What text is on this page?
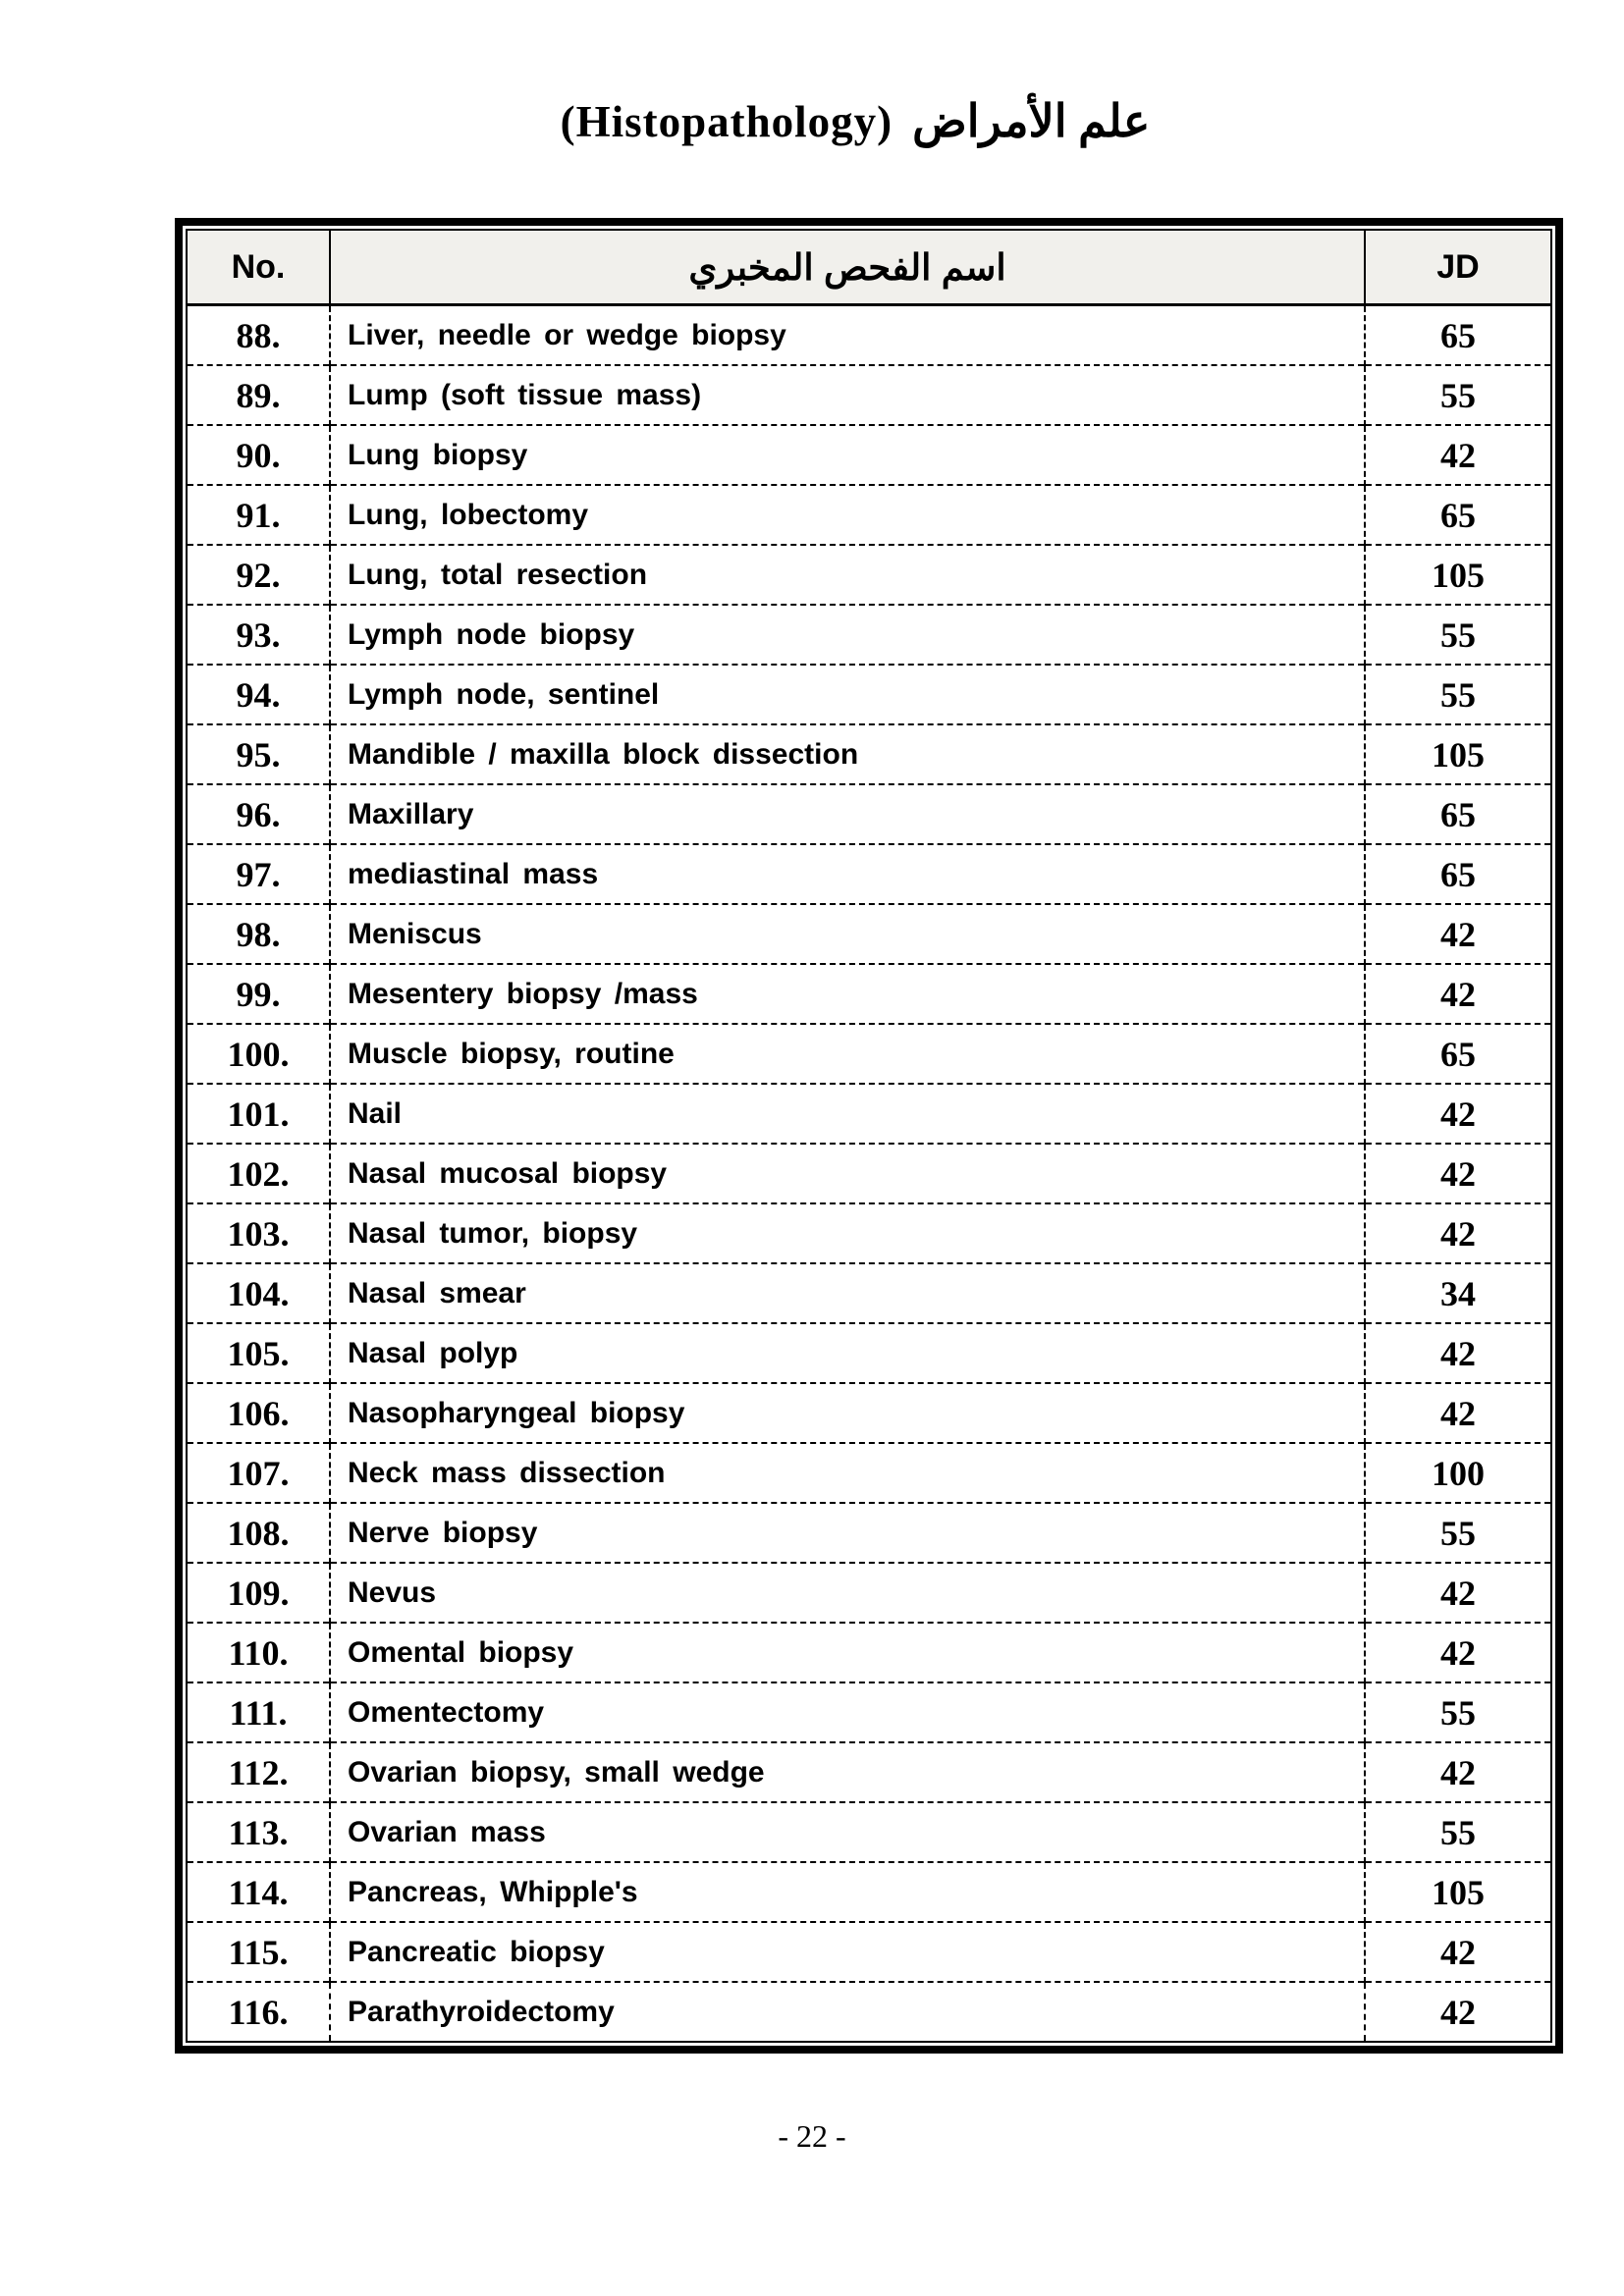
(Histopathology) علم الأمراض
No.	اسم الفحص المخبري	JD
88.	Liver, needle or wedge biopsy	65
89.	Lump (soft tissue mass)	55
90.	Lung biopsy	42
91.	Lung, lobectomy	65
92.	Lung, total resection	105
93.	Lymph node biopsy	55
94.	Lymph node, sentinel	55
95.	Mandible / maxilla block dissection	105
96.	Maxillary	65
97.	mediastinal mass	65
98.	Meniscus	42
99.	Mesentery biopsy /mass	42
100.	Muscle biopsy, routine	65
101.	Nail	42
102.	Nasal mucosal biopsy	42
103.	Nasal tumor, biopsy	42
104.	Nasal smear	34
105.	Nasal polyp	42
106.	Nasopharyngeal biopsy	42
107.	Neck mass dissection	100
108.	Nerve biopsy	55
109.	Nevus	42
110.	Omental biopsy	42
111.	Omentectomy	55
112.	Ovarian biopsy, small wedge	42
113.	Ovarian mass	55
114.	Pancreas, Whipple's	105
115.	Pancreatic biopsy	42
116.	Parathyroidectomy	42
- 22 -
